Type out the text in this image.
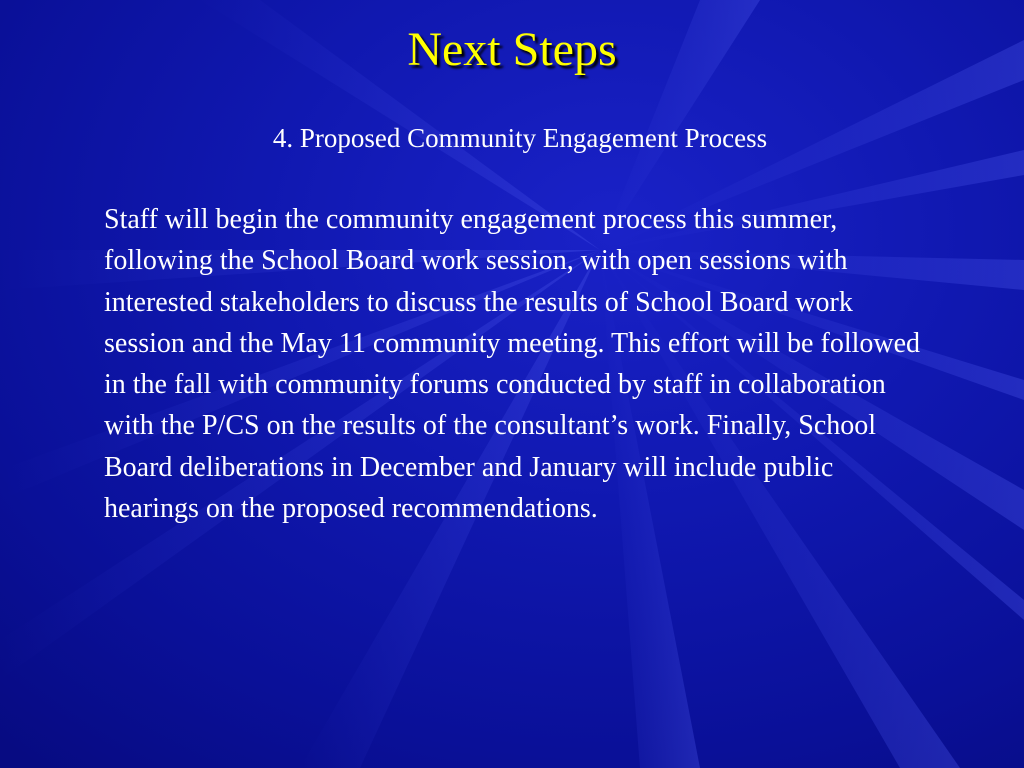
Next Steps

4. Proposed Community Engagement Process

Staff will begin the community engagement process this summer, following the School Board work session, with open sessions with interested stakeholders to discuss the results of School Board work session and the May 11 community meeting. This effort will be followed in the fall with community forums conducted by staff in collaboration with the P/CS on the results of the consultant’s work. Finally, School Board deliberations in December and January will include public hearings on the proposed recommendations.
